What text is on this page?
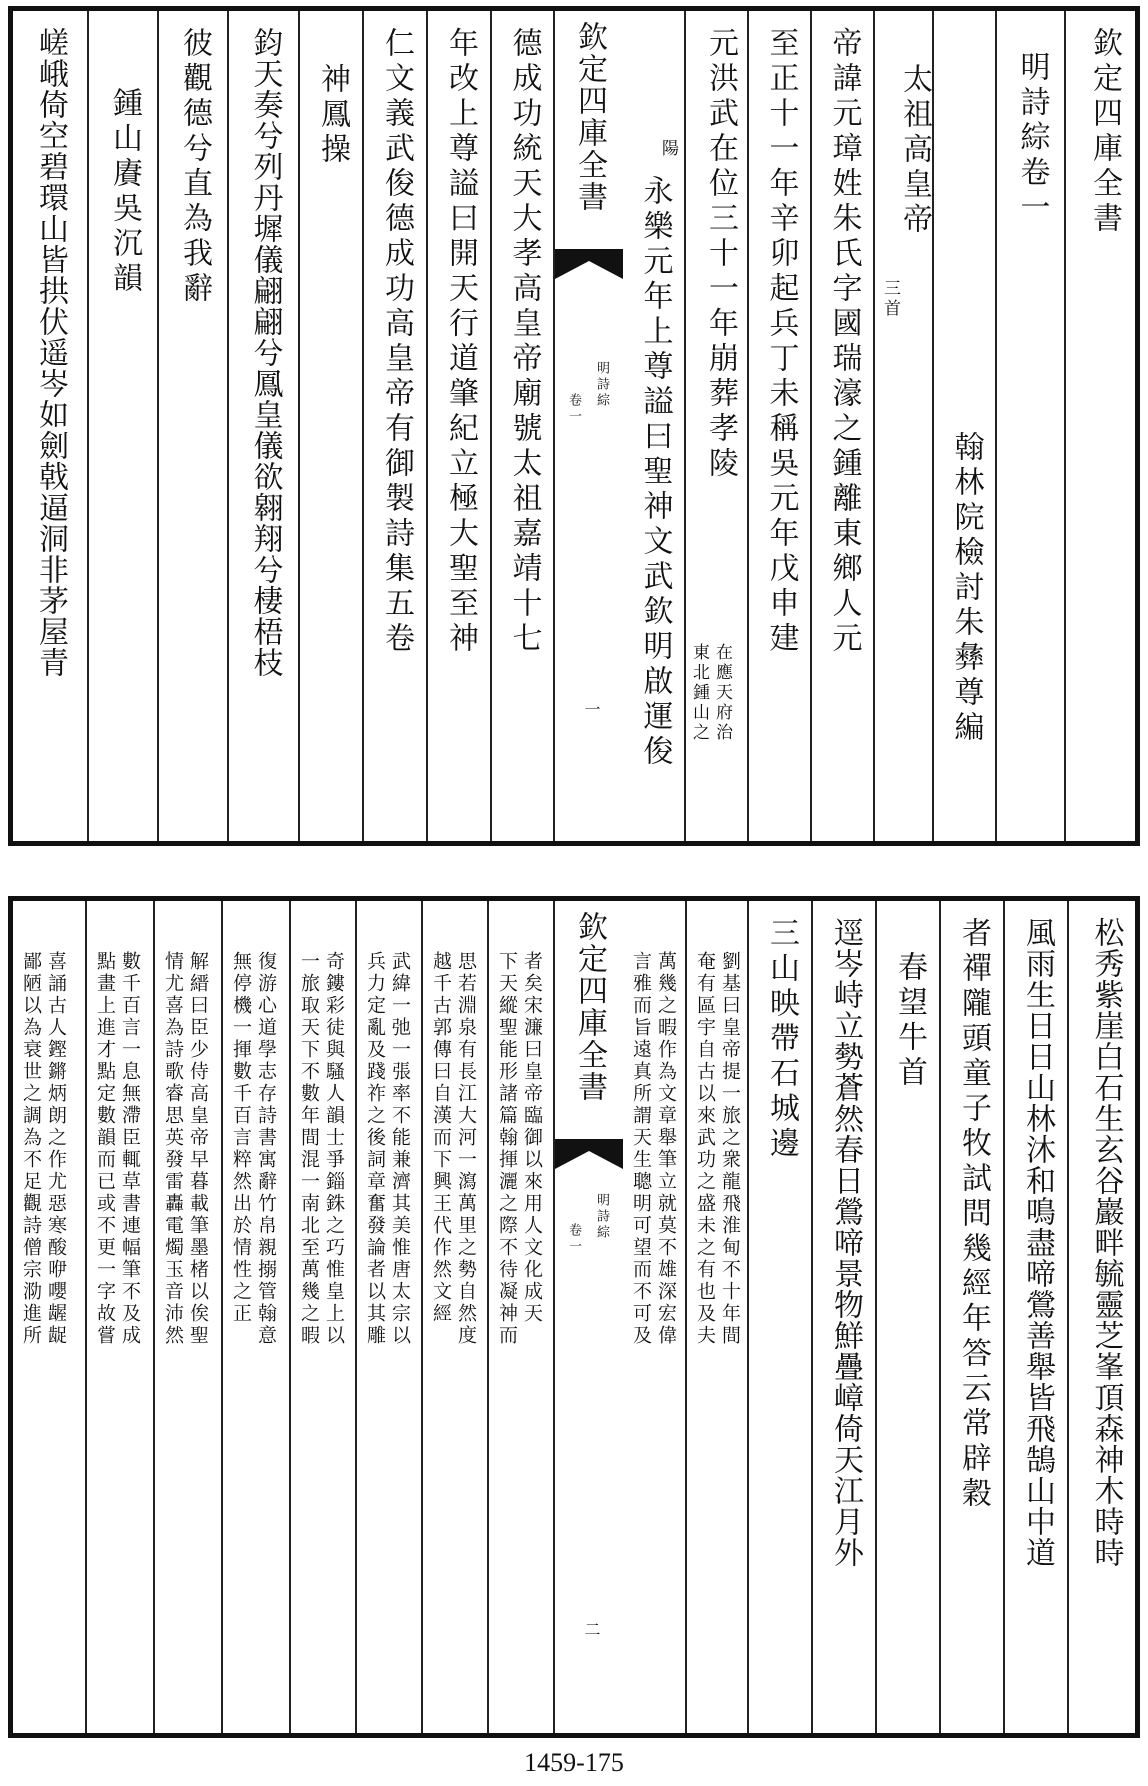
欽定四庫全書
明詩綜卷一
翰林院檢討朱彝尊編
太祖高皇帝
三首
帝諱元璋姓朱氏字國瑞濠之鍾離東鄉人元
至正十一年辛卯起兵丁未稱吳元年戊申建
元洪武在位三十一年崩葬孝陵
在應天府治
東北鍾山之
陽
永樂元年上尊謚曰聖神文武欽明啟運俊
欽定四庫全書
明詩綜
卷一
一
德成功統天大孝高皇帝廟號太祖嘉靖十七
年改上尊謚曰開天行道肇紀立極大聖至神
仁文義武俊德成功高皇帝有御製詩集五卷
神鳳操
鈞天奏兮列丹墀儀翩翩兮鳳皇儀欲翱翔兮棲梧枝
彼觀德兮直為我辭
鍾山賡吳沉韻
嵯峨倚空碧環山皆拱伏遥岑如劍戟逼洞非茅屋青
松秀紫崖白石生玄谷巖畔毓靈芝峯頂森神木時時
風雨生日日山林沐和鳴盡啼鶯善舉皆飛鵠山中道
者禪隴頭童子牧試問幾經年答云常辟穀
春望牛首
逕岑峙立勢蒼然春日鶯啼景物鮮疊嶂倚天江月外
三山映帶石城邊
劉基曰皇帝提一旅之衆龍飛淮甸不十年間
奄有區宇自古以來武功之盛未之有也及夫
萬幾之暇作為文章舉筆立就莫不雄深宏偉
言雅而旨遠真所謂天生聰明可望而不可及
欽定四庫全書
明詩綜
卷一
二
者矣宋濂曰皇帝臨御以來用人文化成天
下天縱聖能形諸篇翰揮灑之際不待凝神而
思若淵泉有長江大河一瀉萬里之勢自然度
越千古郭傳曰自漢而下興王代作然文經
武緯一弛一張率不能兼濟其美惟唐太宗以
兵力定亂及踐祚之後詞章奮發論者以其雕
奇鏤彩徒與騷人韻士爭錙銖之巧惟皇上以
一旅取天下不數年間混一南北至萬幾之暇
復游心道學志存詩書寓辭竹帛親搦管翰意
無停機一揮數千百言粹然出於情性之正
解縉曰臣少侍高皇帝早暮載筆墨楮以俟聖
情尤喜為詩歌睿思英發雷轟電燭玉音沛然
數千百言一息無滯臣輒草書連幅筆不及成
點畫上進才點定數韻而已或不更一字故嘗
喜誦古人鏗鏘炳朗之作尤惡寒酸咿嚶龌龊
鄙陋以為衰世之調為不足觀詩僧宗泐進所
1459-175
